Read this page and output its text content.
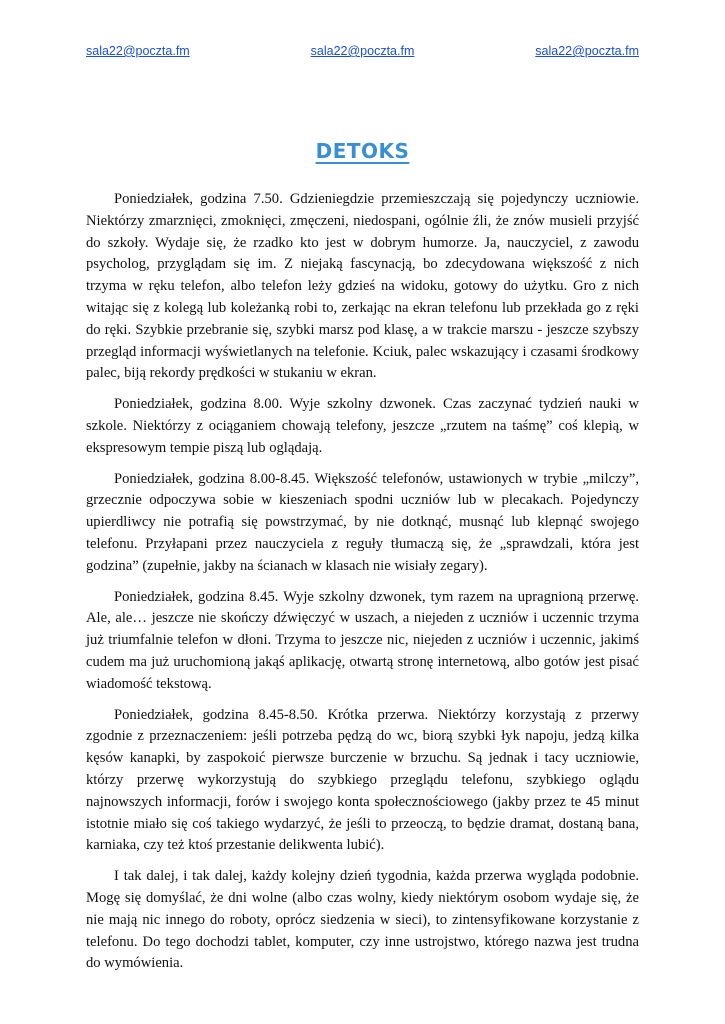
sala22@poczta.fm	sala22@poczta.fm	sala22@poczta.fm
DETOKS

Poniedziałek, godzina 7.50. Gdzieniegdzie przemieszczają się pojedynczy uczniowie. Niektórzy zmarznięci, zmoknięci, zmęczeni, niedospani, ogólnie źli, że znów musieli przyjść do szkoły. Wydaje się, że rzadko kto jest w dobrym humorze. Ja, nauczyciel, z zawodu psycholog, przyglądam się im. Z niejaką fascynacją, bo zdecydowana większość z nich trzyma w ręku telefon, albo telefon leży gdzieś na widoku, gotowy do użytku. Gro z nich witając się z kolegą lub koleżanką robi to, zerkając na ekran telefonu lub przekłada go z ręki do ręki. Szybkie przebranie się, szybki marsz pod klasę, a w trakcie marszu - jeszcze szybszy przegląd informacji wyświetlanych na telefonie. Kciuk, palec wskazujący i czasami środkowy palec, biją rekordy prędkości w stukaniu w ekran.

Poniedziałek, godzina 8.00. Wyje szkolny dzwonek. Czas zaczynać tydzień nauki w szkole. Niektórzy z ociąganiem chowają telefony, jeszcze „rzutem na taśmę” coś klepią, w ekspresowym tempie piszą lub oglądają.

Poniedziałek, godzina 8.00-8.45. Większość telefonów, ustawionych w trybie „milczy”, grzecznie odpoczywa sobie w kieszeniach spodni uczniów lub w plecakach. Pojedynczy upierdliwcy nie potrafią się powstrzymać, by nie dotknąć, musnąć lub klepnąć swojego telefonu. Przyłapani przez nauczyciela z reguły tłumaczą się, że „sprawdzali, która jest godzina” (zupełnie, jakby na ścianach w klasach nie wisiały zegary).

Poniedziałek, godzina 8.45. Wyje szkolny dzwonek, tym razem na upragnioną przerwę. Ale, ale… jeszcze nie skończy dźwięczyć w uszach, a niejeden z uczniów i uczennic trzyma już triumfalnie telefon w dłoni. Trzyma to jeszcze nic, niejeden z uczniów i uczennic, jakimś cudem ma już uruchomioną jakąś aplikację, otwartą stronę internetową, albo gotów jest pisać wiadomość tekstową.

Poniedziałek, godzina 8.45-8.50. Krótka przerwa. Niektórzy korzystają z przerwy zgodnie z przeznaczeniem: jeśli potrzeba pędzą do wc, biorą szybki łyk napoju, jedzą kilka kęsów kanapki, by zaspokoić pierwsze burczenie w brzuchu. Są jednak i tacy uczniowie, którzy przerwę wykorzystują do szybkiego przeglądu telefonu, szybkiego oglądu najnowszych informacji, forów i swojego konta społecznościowego (jakby przez te 45 minut istotnie miało się coś takiego wydarzyć, że jeśli to przeoczą, to będzie dramat, dostaną bana, karniaka, czy też ktoś przestanie delikwenta lubić).

I tak dalej, i tak dalej, każdy kolejny dzień tygodnia, każda przerwa wygląda podobnie. Mogę się domyślać, że dni wolne (albo czas wolny, kiedy niektórym osobom wydaje się, że nie mają nic innego do roboty, oprócz siedzenia w sieci), to zintensyfikowane korzystanie z telefonu. Do tego dochodzi tablet, komputer, czy inne ustrojstwo, którego nazwa jest trudna do wymówienia.
